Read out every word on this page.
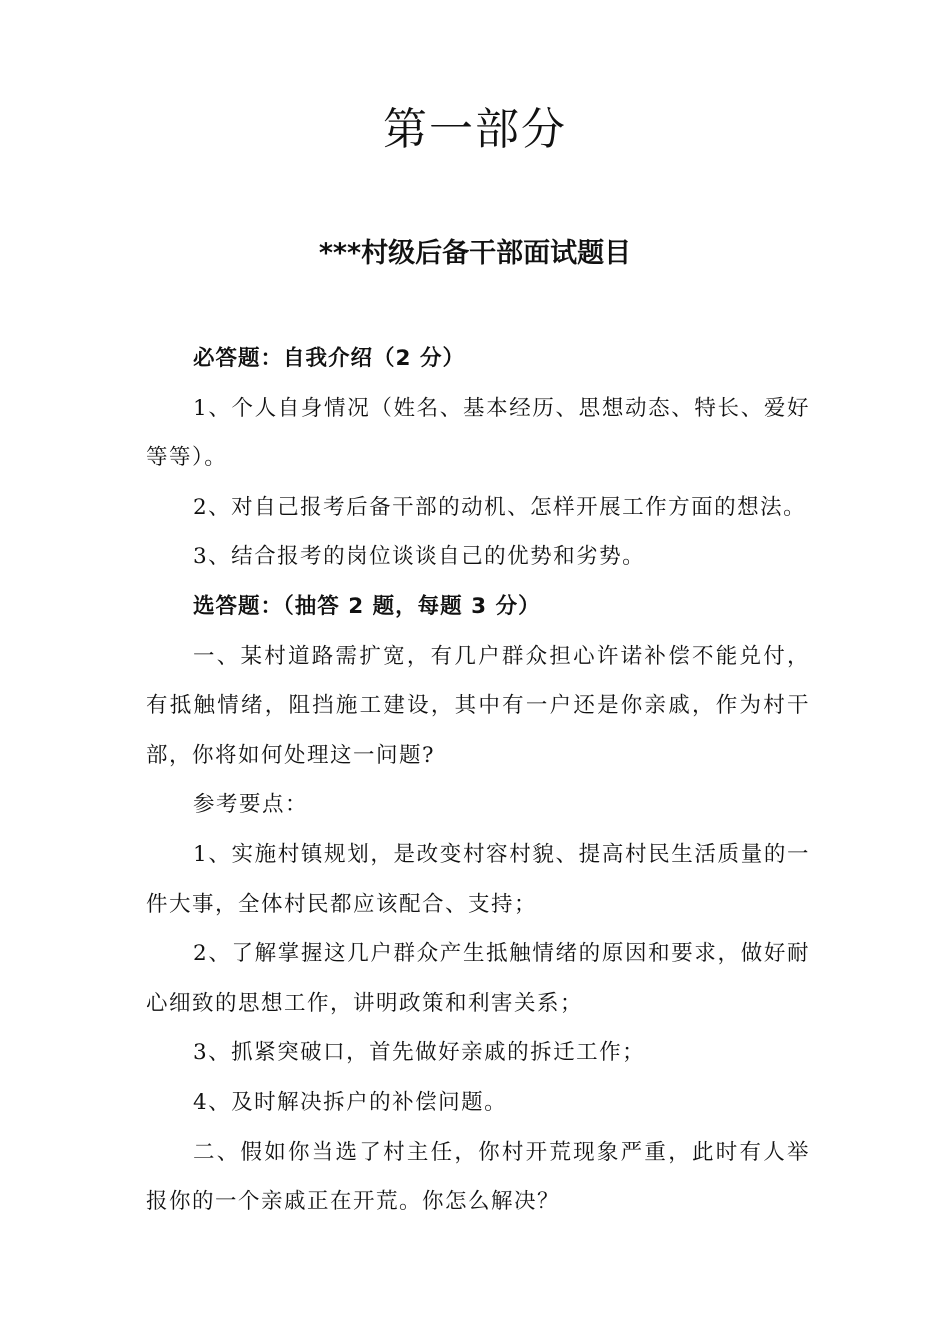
第一部分
***村级后备干部面试题目

必答题：自我介绍（2 分）

1、个人自身情况（姓名、基本经历、思想动态、特长、爱好等等）。

2、对自己报考后备干部的动机、怎样开展工作方面的想法。

3、结合报考的岗位谈谈自己的优势和劣势。

选答题：（抽答 2 题，每题 3 分）

一、某村道路需扩宽，有几户群众担心许诺补偿不能兑付，有抵触情绪，阻挡施工建设，其中有一户还是你亲戚，作为村干部，你将如何处理这一问题?

参考要点：

1、实施村镇规划，是改变村容村貌、提高村民生活质量的一件大事，全体村民都应该配合、支持；

2、了解掌握这几户群众产生抵触情绪的原因和要求，做好耐心细致的思想工作，讲明政策和利害关系；

3、抓紧突破口，首先做好亲戚的拆迁工作；

4、及时解决拆户的补偿问题。

二、假如你当选了村主任，你村开荒现象严重，此时有人举报你的一个亲戚正在开荒。你怎么解决？
